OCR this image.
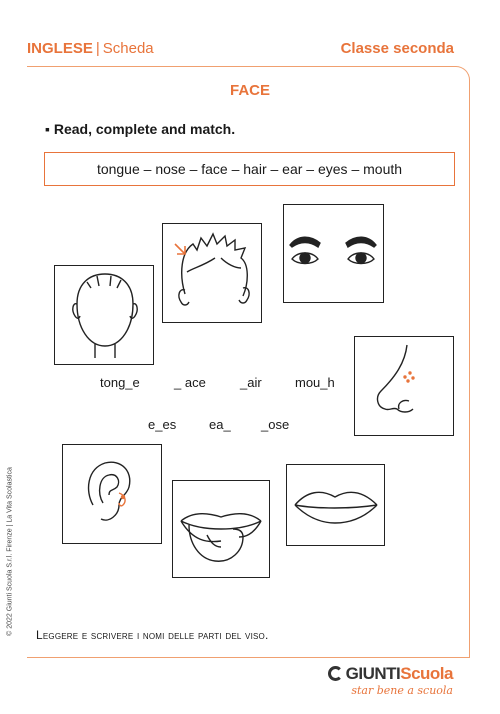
INGLESE | Scheda	Classe seconda
FACE
▪ Read, complete and match.
tongue – nose – face – hair – ear – eyes – mouth
tong_e	_ ace	_air	mou_h
e_es	ea_ _ose
Leggere e scrivere i nomi delle parti del viso.
© 2022 Giunti Scuola S.r.l. Firenze | La Vita Scolastica
GIUNTIScuola
star bene a scuola
